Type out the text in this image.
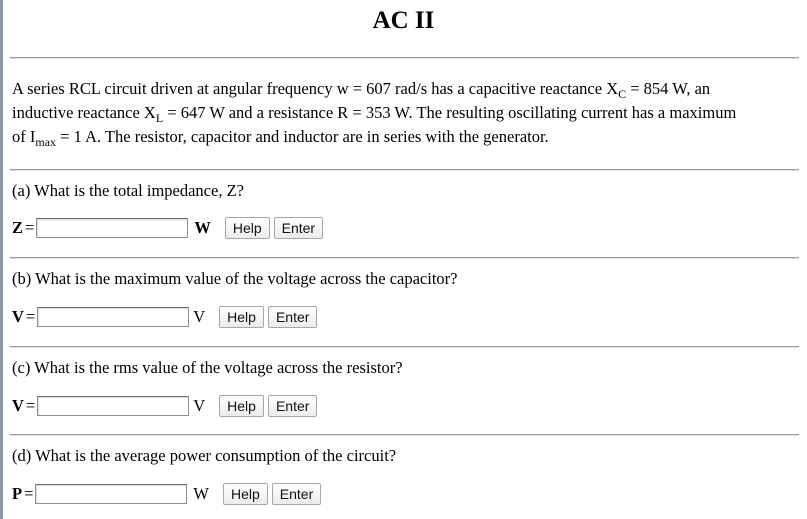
AC II
A series RCL circuit driven at angular frequency w = 607 rad/s has a capacitive reactance $X_C = 854$ W, an
inductive reactance $X_L = 647$ W and a resistance R = 353 W. The resulting oscillating current has a maximum
of $I_{max} = 1$ A. The resistor, capacitor and inductor are in series with the generator.
(a) What is the total impedance, Z?
Z =	W	Help	Enter
(b) What is the maximum value of the voltage across the capacitor?
V =	V	Help	Enter
(c) What is the rms value of the voltage across the resistor?
V =	V	Help	Enter
(d) What is the average power consumption of the circuit?
P =	W	Help	Enter
